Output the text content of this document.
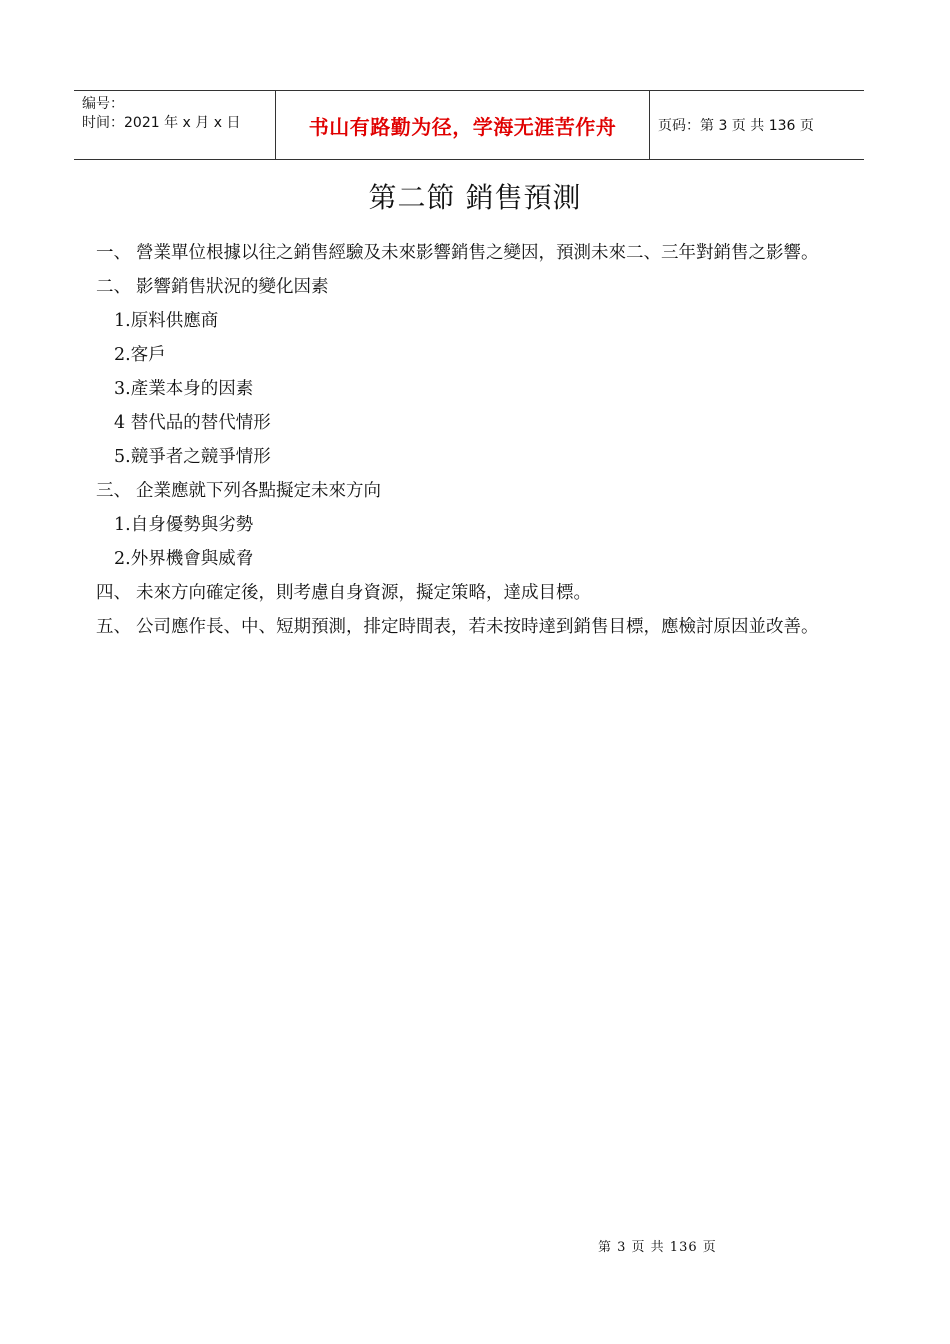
编号：
时间：2021 年 x 月 x 日	书山有路勤为径，学海无涯苦作舟	页码：第 3 页 共 136 页
第二節 銷售預測
一、 營業單位根據以往之銷售經驗及未來影響銷售之變因，預測未來二、三年對銷售之影響。
二、 影響銷售狀況的變化因素
1.原料供應商
2.客戶
3.產業本身的因素
4 替代品的替代情形
5.競爭者之競爭情形
三、 企業應就下列各點擬定未來方向
1.自身優勢與劣勢
2.外界機會與威脅
四、 未來方向確定後，則考慮自身資源，擬定策略，達成目標。
五、 公司應作長、中、短期預測，排定時間表，若未按時達到銷售目標，應檢討原因並改善。
第 3 页 共 136 页
